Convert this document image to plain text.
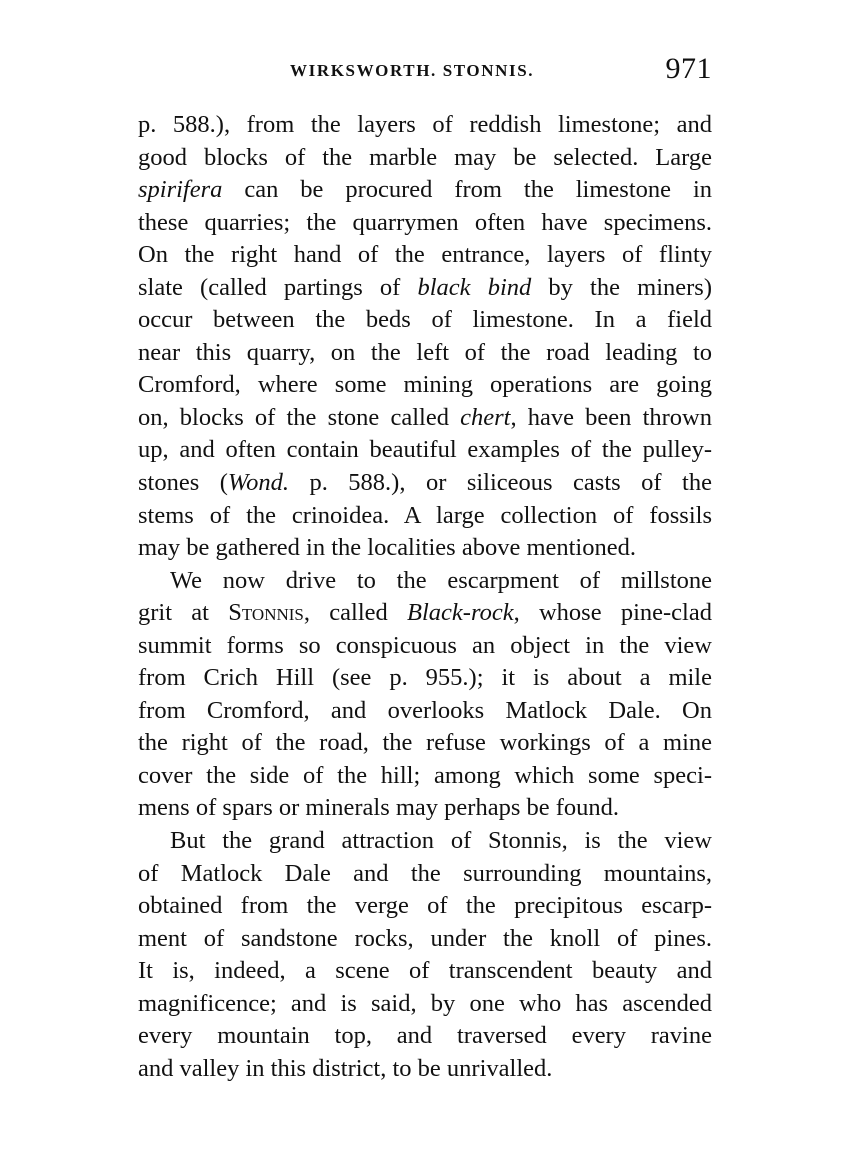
WIRKSWORTH. STONNIS.	971
p. 588.), from the layers of reddish limestone; and
good blocks of the marble may be selected. Large
spirifera can be procured from the limestone in
these quarries; the quarrymen often have specimens.
On the right hand of the entrance, layers of flinty
slate (called partings of black bind by the miners)
occur between the beds of limestone. In a field
near this quarry, on the left of the road leading to
Cromford, where some mining operations are going
on, blocks of the stone called chert, have been thrown
up, and often contain beautiful examples of the pulley-
stones (Wond. p. 588.), or siliceous casts of the
stems of the crinoidea. A large collection of fossils
may be gathered in the localities above mentioned.
We now drive to the escarpment of millstone
grit at Stonnis, called Black-rock, whose pine-clad
summit forms so conspicuous an object in the view
from Crich Hill (see p. 955.); it is about a mile
from Cromford, and overlooks Matlock Dale. On
the right of the road, the refuse workings of a mine
cover the side of the hill; among which some speci-
mens of spars or minerals may perhaps be found.
But the grand attraction of Stonnis, is the view
of Matlock Dale and the surrounding mountains,
obtained from the verge of the precipitous escarp-
ment of sandstone rocks, under the knoll of pines.
It is, indeed, a scene of transcendent beauty and
magnificence; and is said, by one who has ascended
every mountain top, and traversed every ravine
and valley in this district, to be unrivalled.
